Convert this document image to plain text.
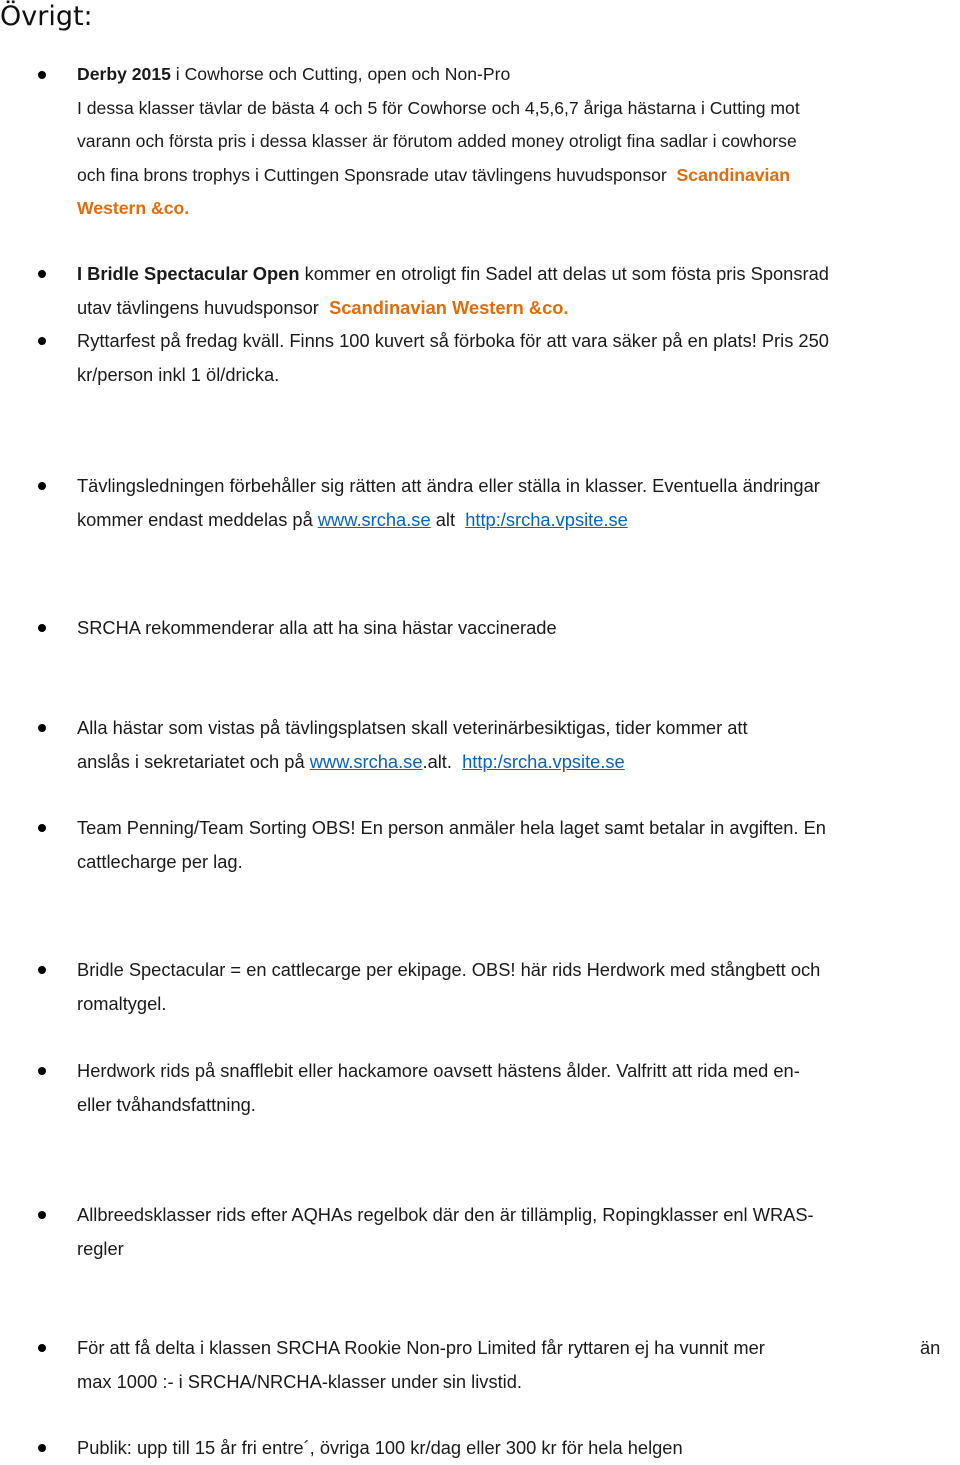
Övrigt:
Derby 2015 i Cowhorse och Cutting, open och Non-Pro
I dessa klasser tävlar de bästa 4 och 5 för Cowhorse och 4,5,6,7 åriga hästarna i Cutting mot
varann och första pris i dessa klasser är förutom added money otroligt fina sadlar i cowhorse
och fina brons trophys i Cuttingen Sponsrade utav tävlingens huvudsponsor Scandinavian
Western &co.
I Bridle Spectacular Open kommer en otroligt fin Sadel att delas ut som fösta pris Sponsrad
utav tävlingens huvudsponsor Scandinavian Western &co.
Ryttarfest på fredag kväll. Finns 100 kuvert så förboka för att vara säker på en plats! Pris 250
kr/person inkl 1 öl/dricka.
Tävlingsledningen förbehåller sig rätten att ändra eller ställa in klasser. Eventuella ändringar
kommer endast meddelas på www.srcha.se alt http:/srcha.vpsite.se
SRCHA rekommenderar alla att ha sina hästar vaccinerade
Alla hästar som vistas på tävlingsplatsen skall veterinärbesiktigas, tider kommer att
anslås i sekretariatet och på www.srcha.se.alt. http:/srcha.vpsite.se
Team Penning/Team Sorting OBS! En person anmäler hela laget samt betalar in avgiften. En
cattlecharge per lag.
Bridle Spectacular = en cattlecarge per ekipage. OBS! här rids Herdwork med stångbett och
romaltygel.
Herdwork rids på snafflebit eller hackamore oavsett hästens ålder. Valfritt att rida med en-
eller tvåhandsfattning.
Allbreedsklasser rids efter AQHAs regelbok där den är tillämplig, Ropingklasser enl WRAS-
regler
För att få delta i klassen SRCHA Rookie Non-pro Limited får ryttaren ej ha vunnit mer	än

max 1000 :- i SRCHA/NRCHA-klasser under sin livstid.
Publik: upp till 15 år fri entre´, övriga 100 kr/dag eller 300 kr för hela helgen
